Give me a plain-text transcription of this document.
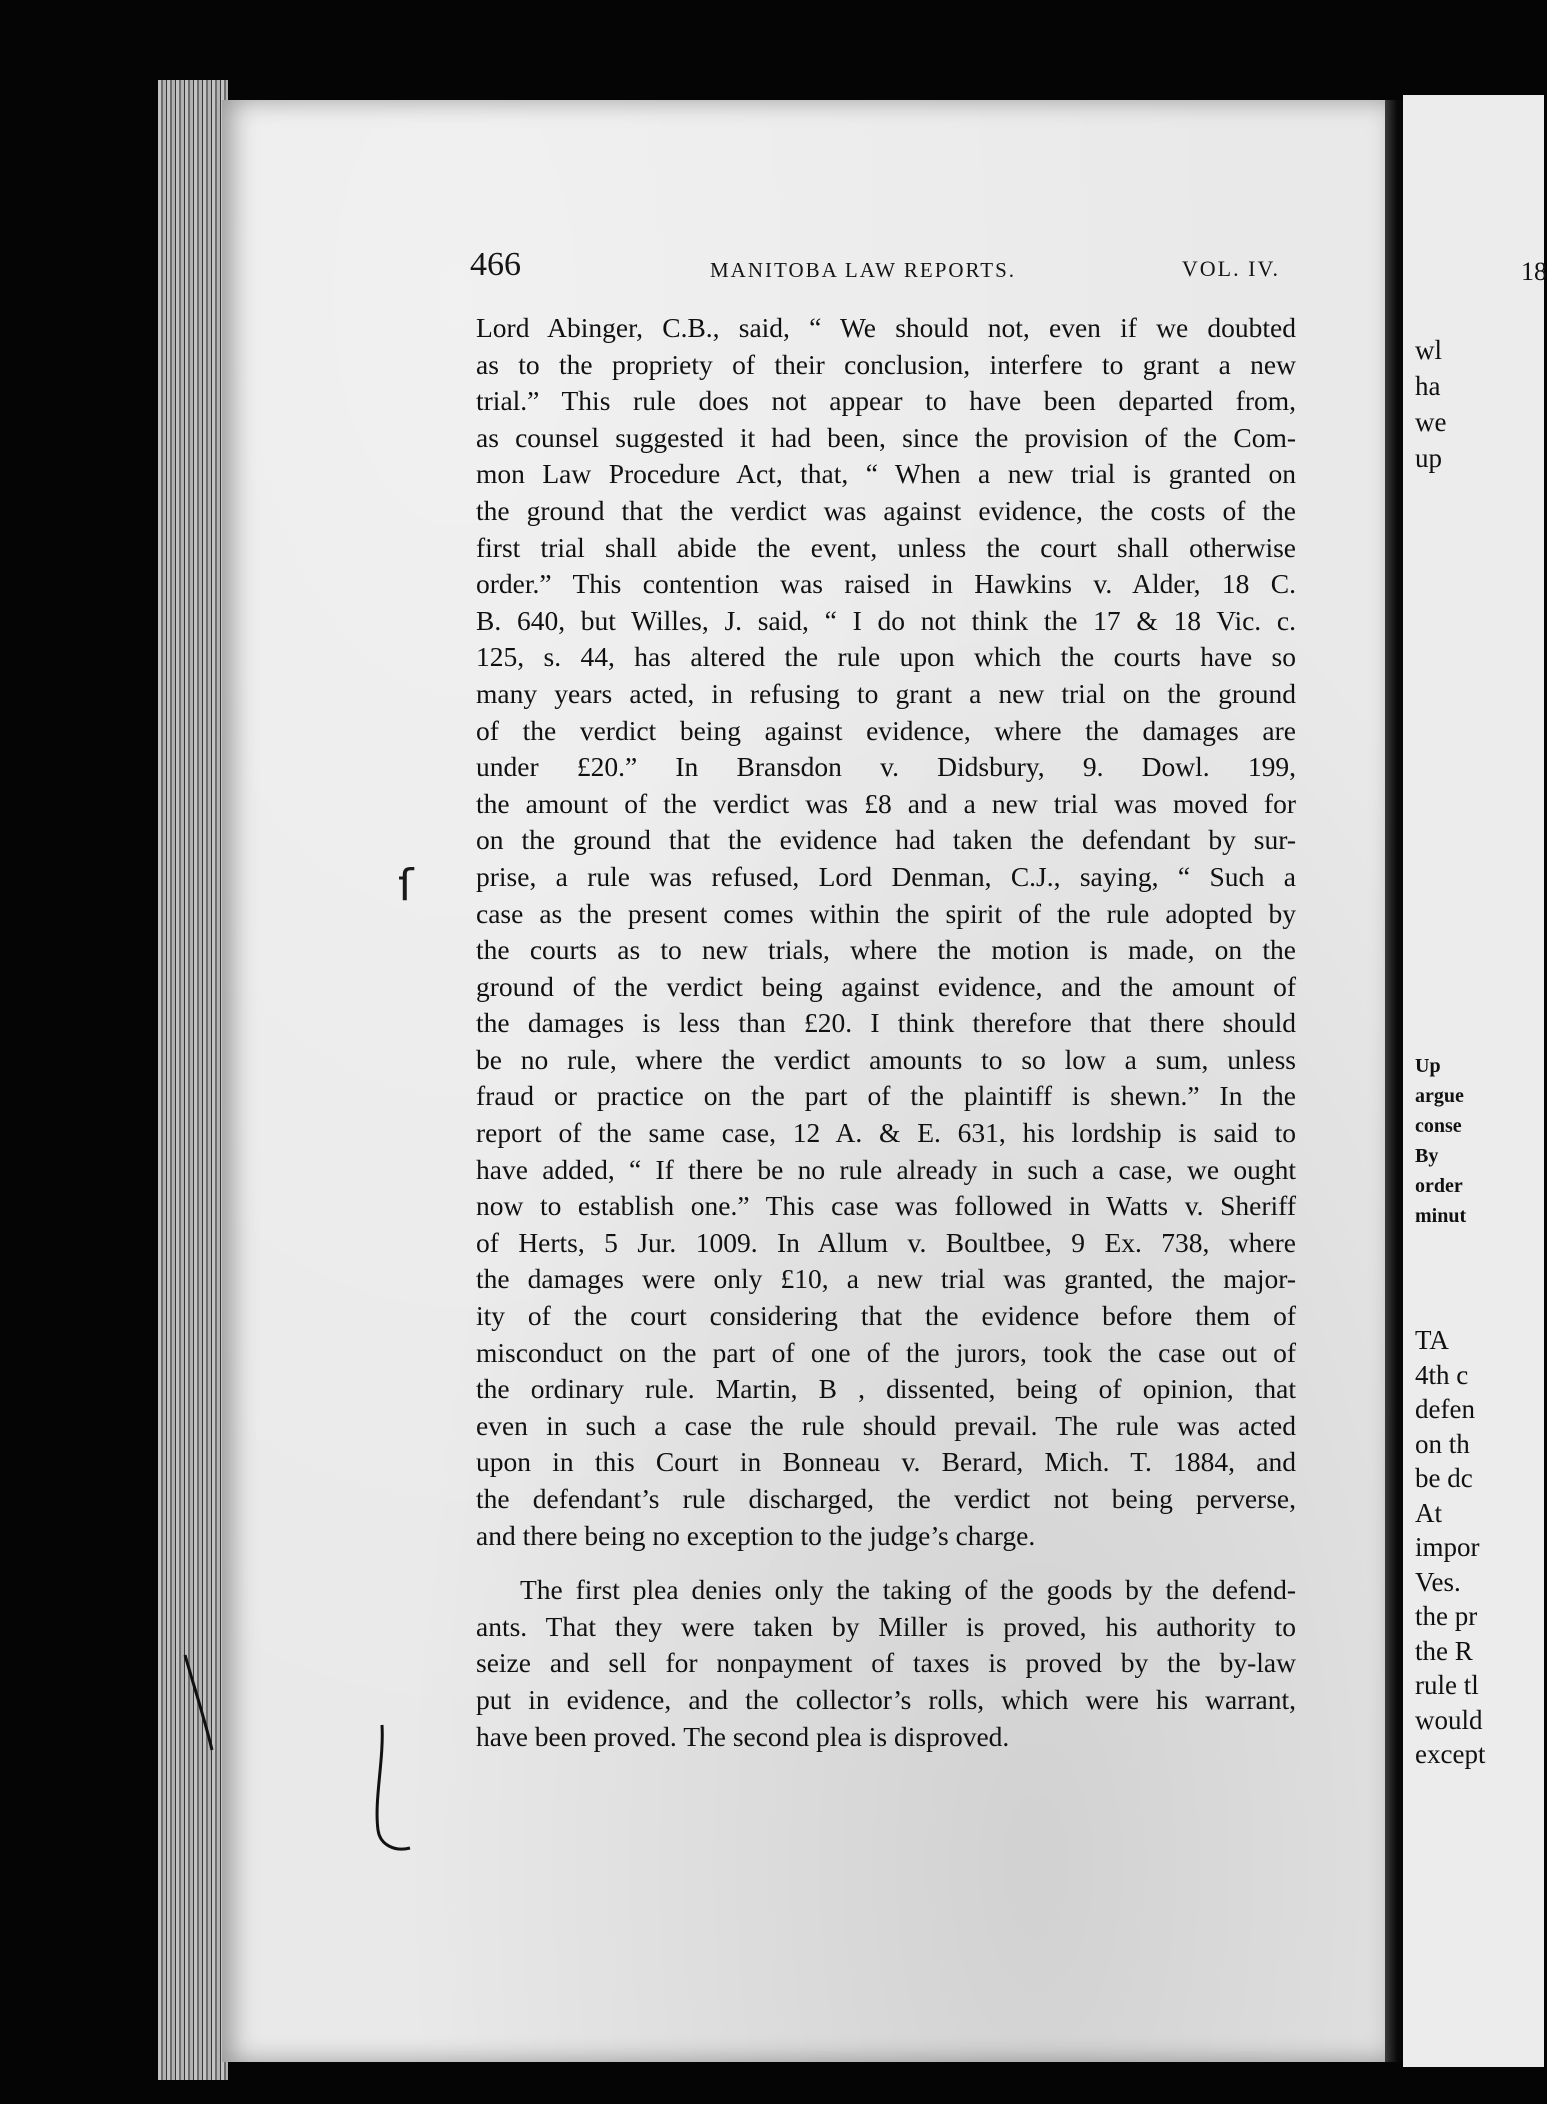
18
wl
ha
we
up
Up
argue
conse
By
order
minut
TA
4th c
defen
on th
be dc
At
impor
Ves.
the pr
the R
rule tl
would
except
466	MANITOBA LAW REPORTS.	VOL. IV.
Lord Abinger, C.B., said, “ We should not, even if we doubted
as to the propriety of their conclusion, interfere to grant a new
trial.” This rule does not appear to have been departed from,
as counsel suggested it had been, since the provision of the Com-
mon Law Procedure Act, that, “ When a new trial is granted on
the ground that the verdict was against evidence, the costs of the
first trial shall abide the event, unless the court shall otherwise
order.” This contention was raised in Hawkins v. Alder, 18 C.
B. 640, but Willes, J. said, “ I do not think the 17 & 18 Vic. c.
125, s. 44, has altered the rule upon which the courts have so
many years acted, in refusing to grant a new trial on the ground
of the verdict being against evidence, where the damages are
under £20.” In Bransdon v. Didsbury, 9. Dowl. 199,
the amount of the verdict was £8 and a new trial was moved for
on the ground that the evidence had taken the defendant by sur-
prise, a rule was refused, Lord Denman, C.J., saying, “ Such a
case as the present comes within the spirit of the rule adopted by
the courts as to new trials, where the motion is made, on the
ground of the verdict being against evidence, and the amount of
the damages is less than £20. I think therefore that there should
be no rule, where the verdict amounts to so low a sum, unless
fraud or practice on the part of the plaintiff is shewn.” In the
report of the same case, 12 A. & E. 631, his lordship is said to
have added, “ If there be no rule already in such a case, we ought
now to establish one.” This case was followed in Watts v. Sheriff
of Herts, 5 Jur. 1009. In Allum v. Boultbee, 9 Ex. 738, where
the damages were only £10, a new trial was granted, the major-
ity of the court considering that the evidence before them of
misconduct on the part of one of the jurors, took the case out of
the ordinary rule. Martin, B , dissented, being of opinion, that
even in such a case the rule should prevail. The rule was acted
upon in this Court in Bonneau v. Berard, Mich. T. 1884, and
the defendant’s rule discharged, the verdict not being perverse,
and there being no exception to the judge’s charge.
The first plea denies only the taking of the goods by the defend-
ants. That they were taken by Miller is proved, his authority to
seize and sell for nonpayment of taxes is proved by the by-law
put in evidence, and the collector’s rolls, which were his warrant,
have been proved. The second plea is disproved.
ſ
